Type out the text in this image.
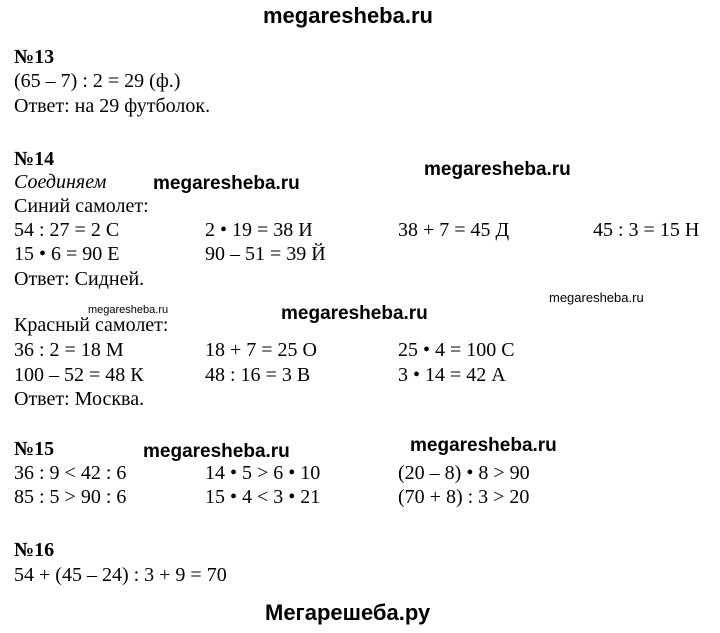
megaresheba.ru
Мегарешеба.ру
megaresheba.ru
megaresheba.ru
megaresheba.ru
megaresheba.ru	megaresheba.ru
megaresheba.ru	megaresheba.ru
№13
(65 – 7) : 2 = 29 (ф.)
Ответ: на 29 футболок.
№14
Соединяем
Синий самолет:
54 : 27 = 2 С	2 • 19 = 38 И	38 + 7 = 45 Д	45 : 3 = 15 Н
15 • 6 = 90 Е	90 – 51 = 39 Й
Ответ: Сидней.
Красный самолет:
36 : 2 = 18 М	18 + 7 = 25 О	25 • 4 = 100 С
100 – 52 = 48 К	48 : 16 = 3 В	3 • 14 = 42 А
Ответ: Москва.
№15
36 : 9 < 42 : 6	14 • 5 > 6 • 10	(20 – 8) • 8 > 90
85 : 5 > 90 : 6	15 • 4 < 3 • 21	(70 + 8) : 3 > 20
№16
54 + (45 – 24) : 3 + 9 = 70
